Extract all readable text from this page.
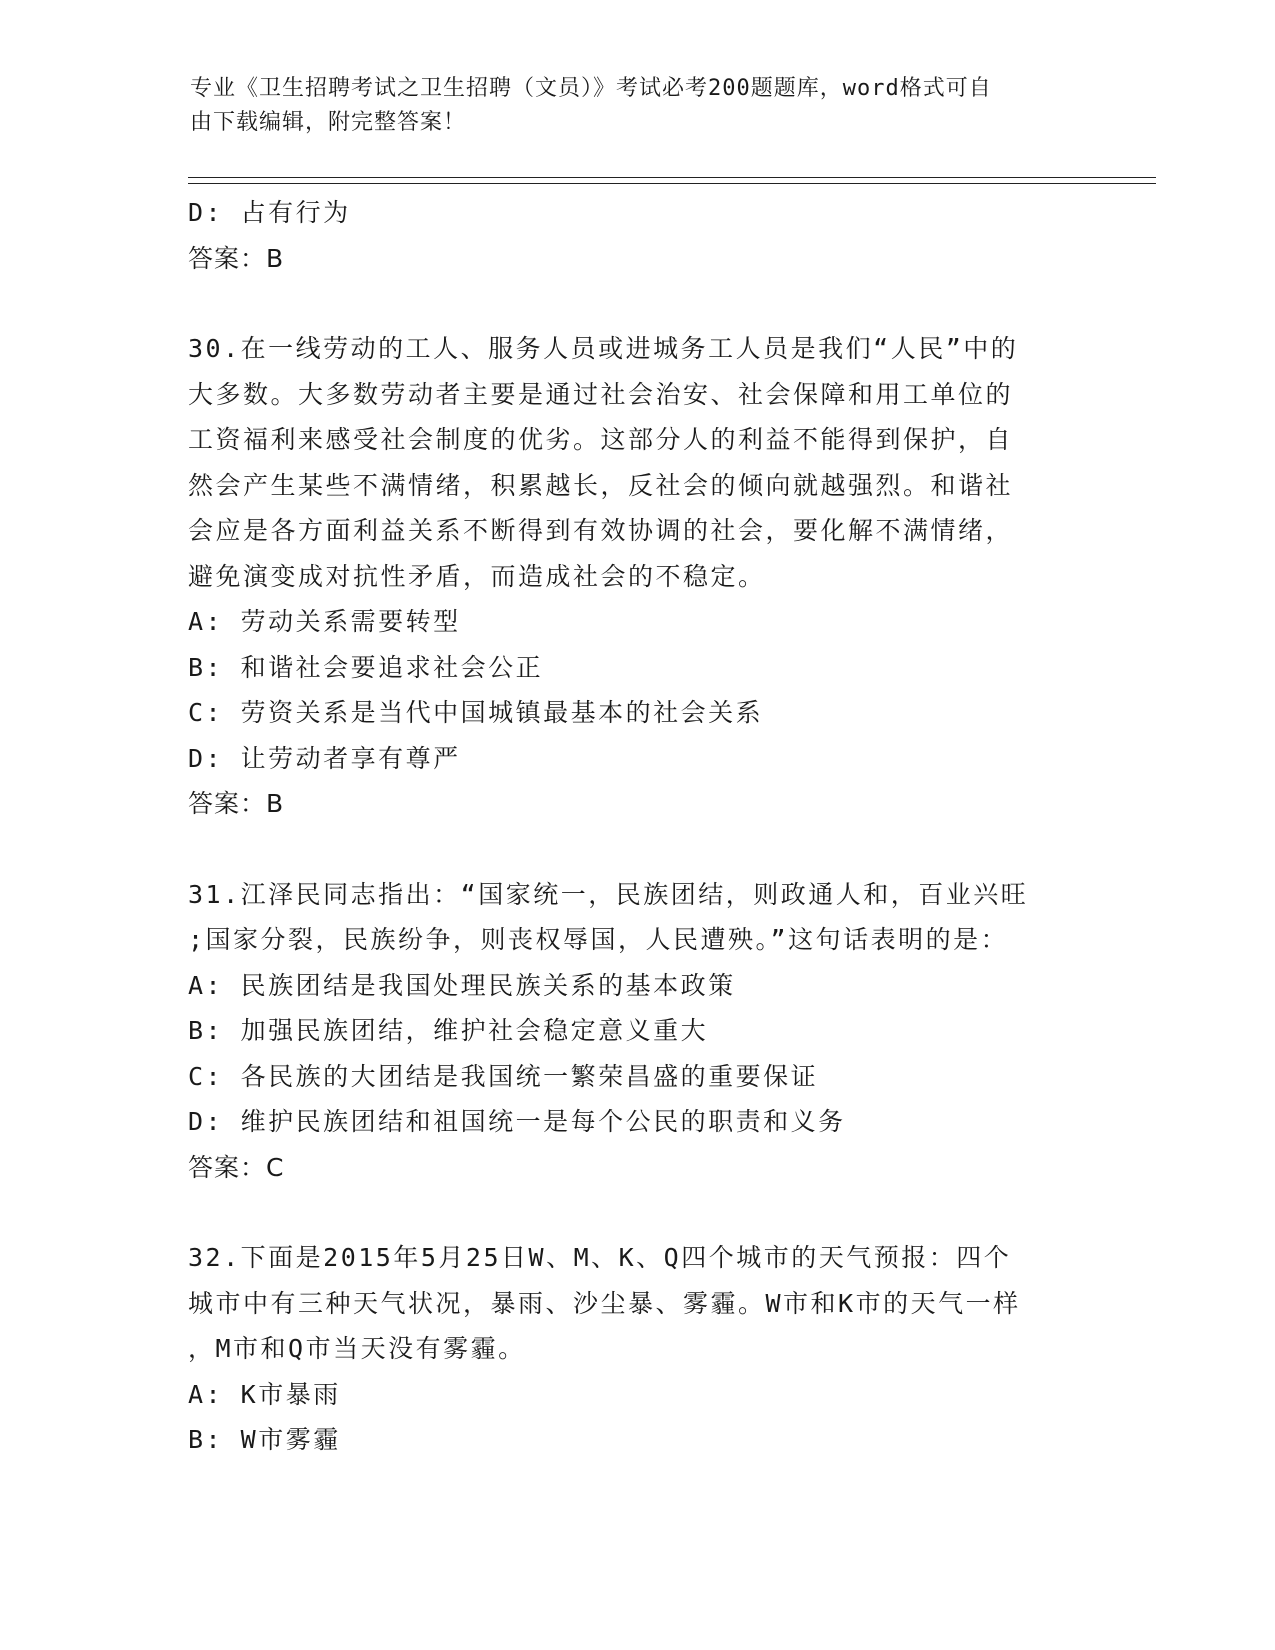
专业《卫生招聘考试之卫生招聘（文员）》考试必考200题题库，word格式可自
由下载编辑，附完整答案！
D: 占有行为
答案：B
30.在一线劳动的工人、服务人员或进城务工人员是我们“人民”中的
大多数。大多数劳动者主要是通过社会治安、社会保障和用工单位的
工资福利来感受社会制度的优劣。这部分人的利益不能得到保护，自
然会产生某些不满情绪，积累越长，反社会的倾向就越强烈。和谐社
会应是各方面利益关系不断得到有效协调的社会，要化解不满情绪，
避免演变成对抗性矛盾，而造成社会的不稳定。
A: 劳动关系需要转型
B: 和谐社会要追求社会公正
C: 劳资关系是当代中国城镇最基本的社会关系
D: 让劳动者享有尊严
答案：B
31.江泽民同志指出：“国家统一，民族团结，则政通人和，百业兴旺
;国家分裂，民族纷争，则丧权辱国，人民遭殃。”这句话表明的是：
A: 民族团结是我国处理民族关系的基本政策
B: 加强民族团结，维护社会稳定意义重大
C: 各民族的大团结是我国统一繁荣昌盛的重要保证
D: 维护民族团结和祖国统一是每个公民的职责和义务
答案：C
32.下面是2015年5月25日W、M、K、Q四个城市的天气预报：四个
城市中有三种天气状况，暴雨、沙尘暴、雾霾。W市和K市的天气一样
，M市和Q市当天没有雾霾。
A: K市暴雨
B: W市雾霾
